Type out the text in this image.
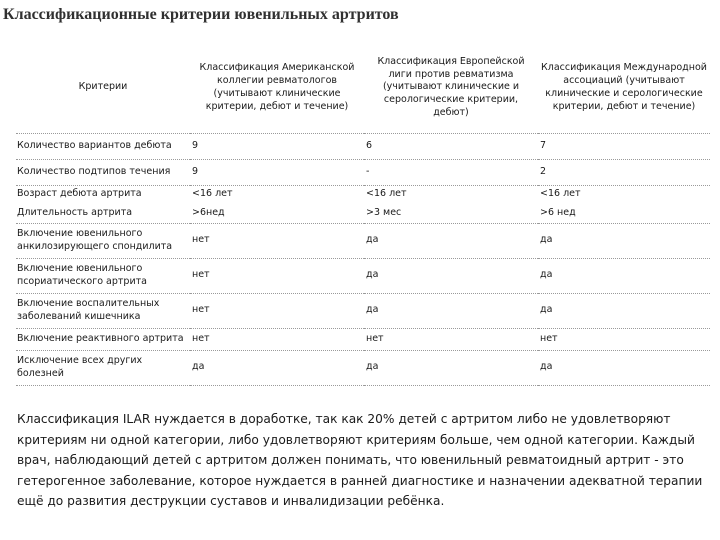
Классификационные критерии ювенильных артритов
Критерии	Классификация Американской коллегии ревматологов (учитывают клинические критерии, дебют и течение)	Классификация Европейской лиги против ревматизма (учитывают клинические и серологические критерии, дебют)	Классификация Международной ассоциаций (учитывают клинические и серологические критерии, дебют и течение)
Количество вариантов дебюта	9	6	7
Количество подтипов течения	9	-	2
Возраст дебюта артрита	<16 лет	<16 лет	<16 лет
Длительность артрита	>6нед	>3 мес	>6 нед
Включение ювенильного анкилозирующего спондилита	нет	да	да
Включение ювенильного псориатического артрита	нет	да	да
Включение воспалительных заболеваний кишечника	нет	да	да
Включение реактивного артрита	нет	нет	нет
Исключение всех других болезней	да	да	да
Классификация ILAR нуждается в доработке, так как 20% детей с артритом либо не удовлетворяют критериям ни одной категории, либо удовлетворяют критериям больше, чем одной категории. Каждый врач, наблюдающий детей с артритом должен понимать, что ювенильный ревматоидный артрит - это гетерогенное заболевание, которое нуждается в ранней диагностике и назначении адекватной терапии ещё до развития деструкции суставов и инвалидизации ребёнка.
